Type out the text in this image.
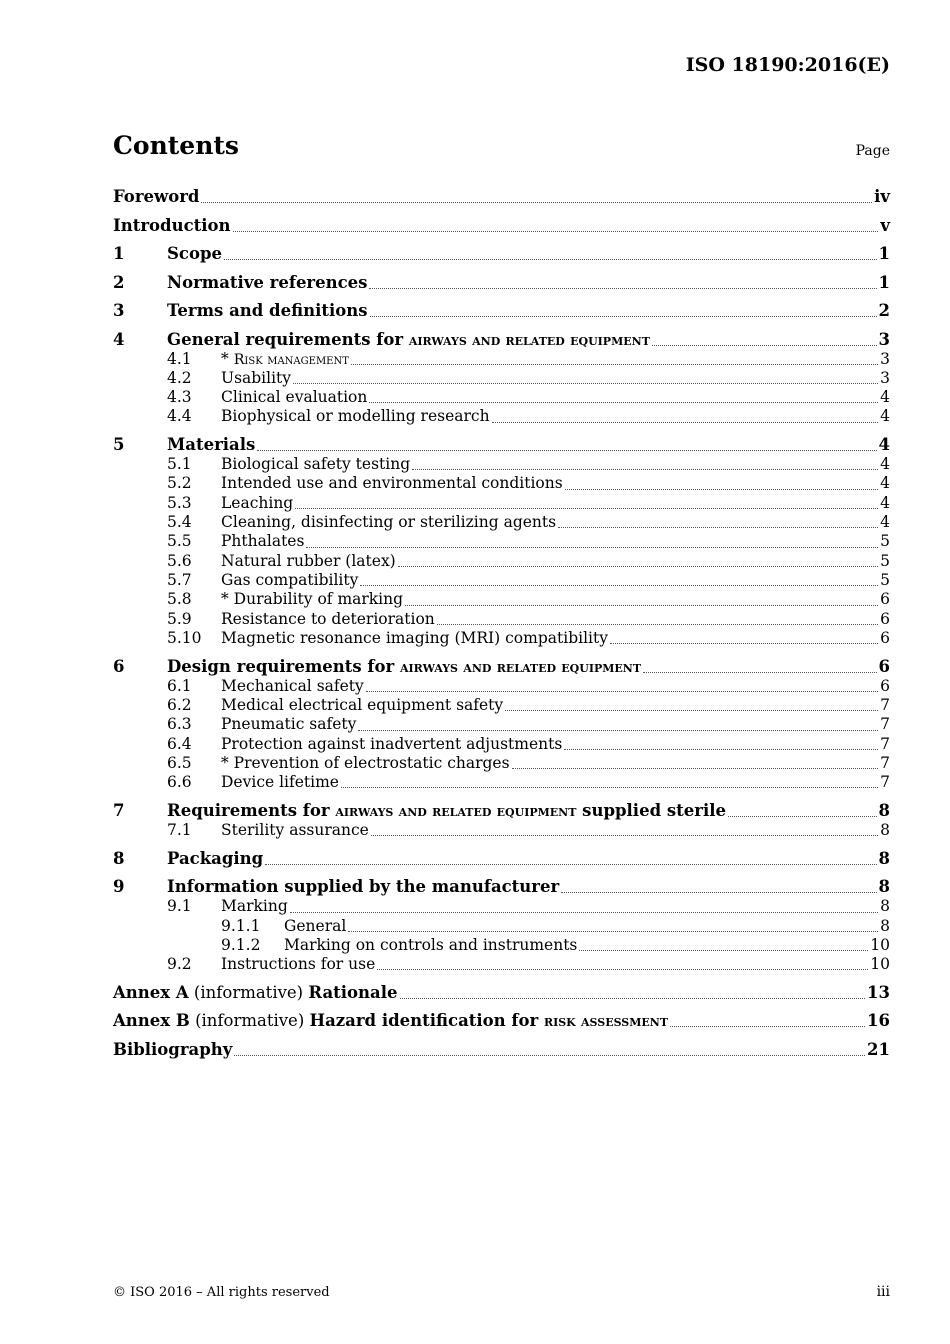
ISO 18190:2016(E)
Contents	Page
Foreword	iv
Introduction	v
1	Scope	1
2	Normative references	1
3	Terms and definitions	2
4	General requirements for airways and related equipment	3
4.1	* Risk management	3
4.2	Usability	3
4.3	Clinical evaluation	4
4.4	Biophysical or modelling research	4
5	Materials	4
5.1	Biological safety testing	4
5.2	Intended use and environmental conditions	4
5.3	Leaching	4
5.4	Cleaning, disinfecting or sterilizing agents	4
5.5	Phthalates	5
5.6	Natural rubber (latex)	5
5.7	Gas compatibility	5
5.8	* Durability of marking	6
5.9	Resistance to deterioration	6
5.10	Magnetic resonance imaging (MRI) compatibility	6
6	Design requirements for airways and related equipment	6
6.1	Mechanical safety	6
6.2	Medical electrical equipment safety	7
6.3	Pneumatic safety	7
6.4	Protection against inadvertent adjustments	7
6.5	* Prevention of electrostatic charges	7
6.6	Device lifetime	7
7	Requirements for airways and related equipment supplied sterile	8
7.1	Sterility assurance	8
8	Packaging	8
9	Information supplied by the manufacturer	8
9.1	Marking	8
9.1.1	General	8
9.1.2	Marking on controls and instruments	10
9.2	Instructions for use	10
Annex A (informative) Rationale	13
Annex B (informative) Hazard identification for risk assessment	16
Bibliography	21
© ISO 2016 – All rights reserved	iii
